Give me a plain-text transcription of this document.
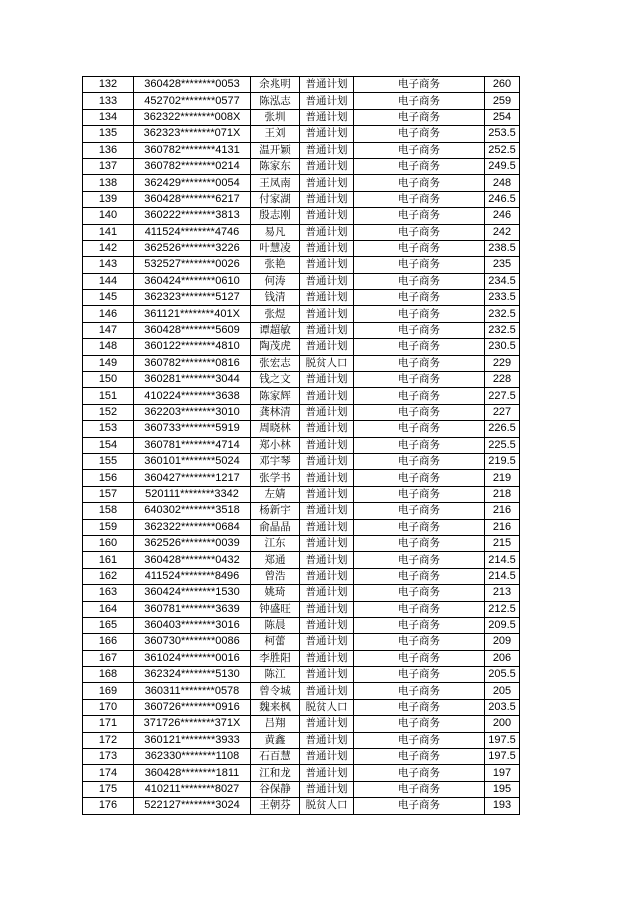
132	360428********0053	余兆明	普通计划	电子商务	260
133	452702********0577	陈泓志	普通计划	电子商务	259
134	362322********008X	张圳	普通计划	电子商务	254
135	362323********071X	王刘	普通计划	电子商务	253.5
136	360782********4131	温开颖	普通计划	电子商务	252.5
137	360782********0214	陈家东	普通计划	电子商务	249.5
138	362429********0054	王凤南	普通计划	电子商务	248
139	360428********6217	付家湖	普通计划	电子商务	246.5
140	360222********3813	殷志刚	普通计划	电子商务	246
141	411524********4746	易凡	普通计划	电子商务	242
142	362526********3226	叶慧凌	普通计划	电子商务	238.5
143	532527********0026	张艳	普通计划	电子商务	235
144	360424********0610	何涛	普通计划	电子商务	234.5
145	362323********5127	钱清	普通计划	电子商务	233.5
146	361121********401X	张煜	普通计划	电子商务	232.5
147	360428********5609	谭超敏	普通计划	电子商务	232.5
148	360122********4810	陶茂虎	普通计划	电子商务	230.5
149	360782********0816	张宏志	脱贫人口	电子商务	229
150	360281********3044	钱之文	普通计划	电子商务	228
151	410224********3638	陈家辉	普通计划	电子商务	227.5
152	362203********3010	龚林清	普通计划	电子商务	227
153	360733********5919	周晓林	普通计划	电子商务	226.5
154	360781********4714	郑小林	普通计划	电子商务	225.5
155	360101********5024	邓宇琴	普通计划	电子商务	219.5
156	360427********1217	张学书	普通计划	电子商务	219
157	520111********3342	左婧	普通计划	电子商务	218
158	640302********3518	杨新宇	普通计划	电子商务	216
159	362322********0684	俞晶晶	普通计划	电子商务	216
160	362526********0039	江东	普通计划	电子商务	215
161	360428********0432	郑通	普通计划	电子商务	214.5
162	411524********8496	曾浩	普通计划	电子商务	214.5
163	360424********1530	姚琦	普通计划	电子商务	213
164	360781********3639	钟盛旺	普通计划	电子商务	212.5
165	360403********3016	陈晨	普通计划	电子商务	209.5
166	360730********0086	柯蕾	普通计划	电子商务	209
167	361024********0016	李胜阳	普通计划	电子商务	206
168	362324********5130	陈江	普通计划	电子商务	205.5
169	360311********0578	曾令城	普通计划	电子商务	205
170	360726********0916	魏来枫	脱贫人口	电子商务	203.5
171	371726********371X	吕翔	普通计划	电子商务	200
172	360121********3933	黄鑫	普通计划	电子商务	197.5
173	362330********1108	石百慧	普通计划	电子商务	197.5
174	360428********1811	江和龙	普通计划	电子商务	197
175	410211********8027	谷保静	普通计划	电子商务	195
176	522127********3024	王朝芬	脱贫人口	电子商务	193
